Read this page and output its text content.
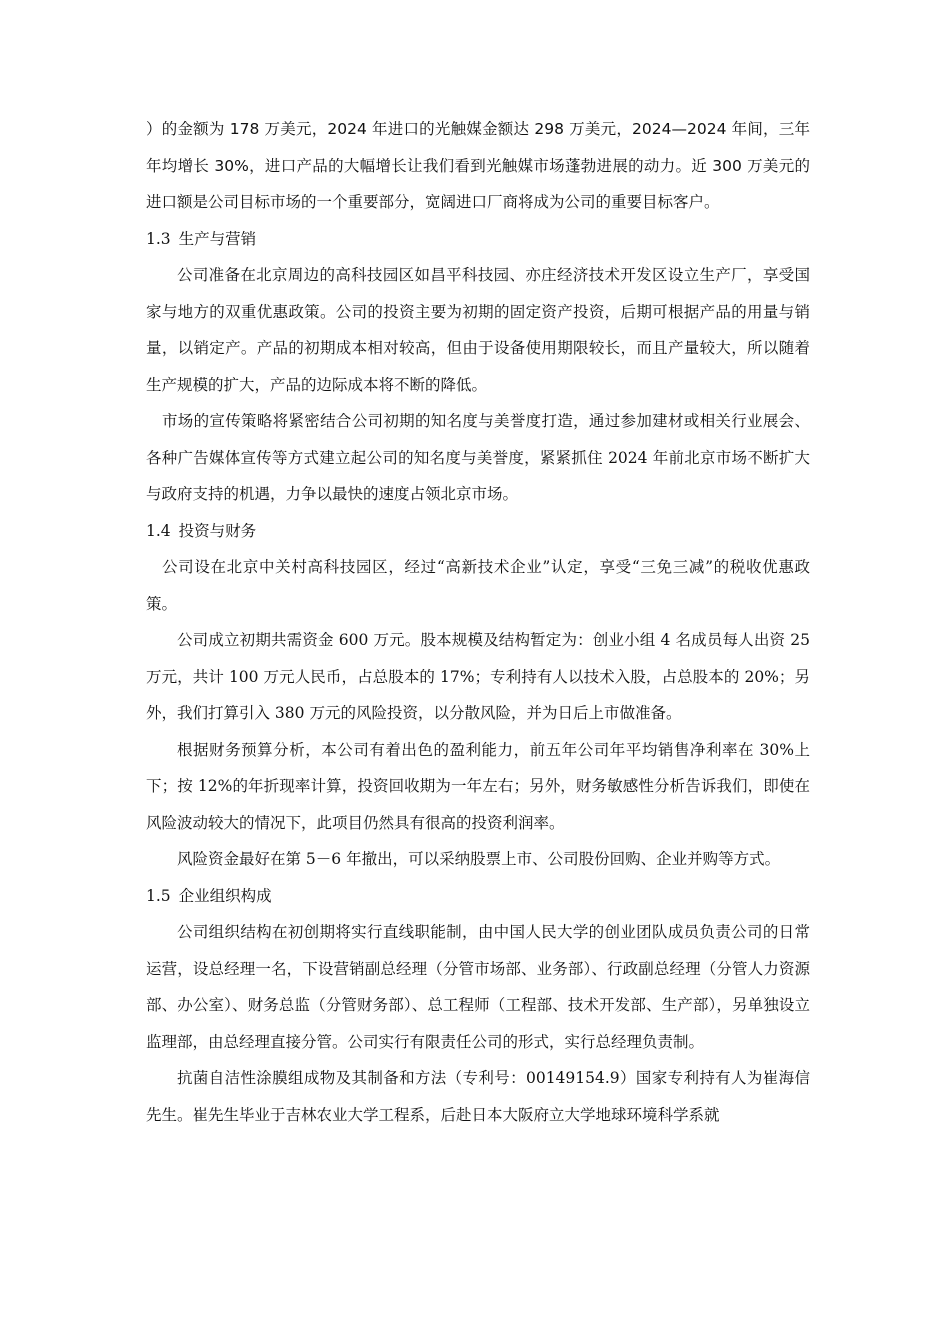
）的金额为 178 万美元，2024 年进口的光触媒金额达 298 万美元，2024—2024 年间，三年年均增长 30%，进口产品的大幅增长让我们看到光触媒市场蓬勃进展的动力。近 300 万美元的进口额是公司目标市场的一个重要部分，宽阔进口厂商将成为公司的重要目标客户。

1.3 生产与营销

公司准备在北京周边的高科技园区如昌平科技园、亦庄经济技术开发区设立生产厂，享受国家与地方的双重优惠政策。公司的投资主要为初期的固定资产投资，后期可根据产品的用量与销量，以销定产。产品的初期成本相对较高，但由于设备使用期限较长，而且产量较大，所以随着生产规模的扩大，产品的边际成本将不断的降低。

市场的宣传策略将紧密结合公司初期的知名度与美誉度打造，通过参加建材或相关行业展会、各种广告媒体宣传等方式建立起公司的知名度与美誉度，紧紧抓住 2024 年前北京市场不断扩大与政府支持的机遇，力争以最快的速度占领北京市场。

1.4 投资与财务

公司设在北京中关村高科技园区，经过“高新技术企业”认定，享受“三免三减”的税收优惠政策。

公司成立初期共需资金 600 万元。股本规模及结构暂定为：创业小组 4 名成员每人出资 25 万元，共计 100 万元人民币，占总股本的 17%；专利持有人以技术入股，占总股本的 20%；另外，我们打算引入 380 万元的风险投资，以分散风险，并为日后上市做准备。

根据财务预算分析，本公司有着出色的盈利能力，前五年公司年平均销售净利率在 30%上下；按 12%的年折现率计算，投资回收期为一年左右；另外，财务敏感性分析告诉我们，即使在风险波动较大的情况下，此项目仍然具有很高的投资利润率。

风险资金最好在第 5－6 年撤出，可以采纳股票上市、公司股份回购、企业并购等方式。

1.5 企业组织构成

公司组织结构在初创期将实行直线职能制，由中国人民大学的创业团队成员负责公司的日常运营，设总经理一名，下设营销副总经理（分管市场部、业务部）、行政副总经理（分管人力资源部、办公室）、财务总监（分管财务部）、总工程师（工程部、技术开发部、生产部），另单独设立监理部，由总经理直接分管。公司实行有限责任公司的形式，实行总经理负责制。

抗菌自洁性涂膜组成物及其制备和方法（专利号：00149154.9）国家专利持有人为崔海信先生。崔先生毕业于吉林农业大学工程系，后赴日本大阪府立大学地球环境科学系就
